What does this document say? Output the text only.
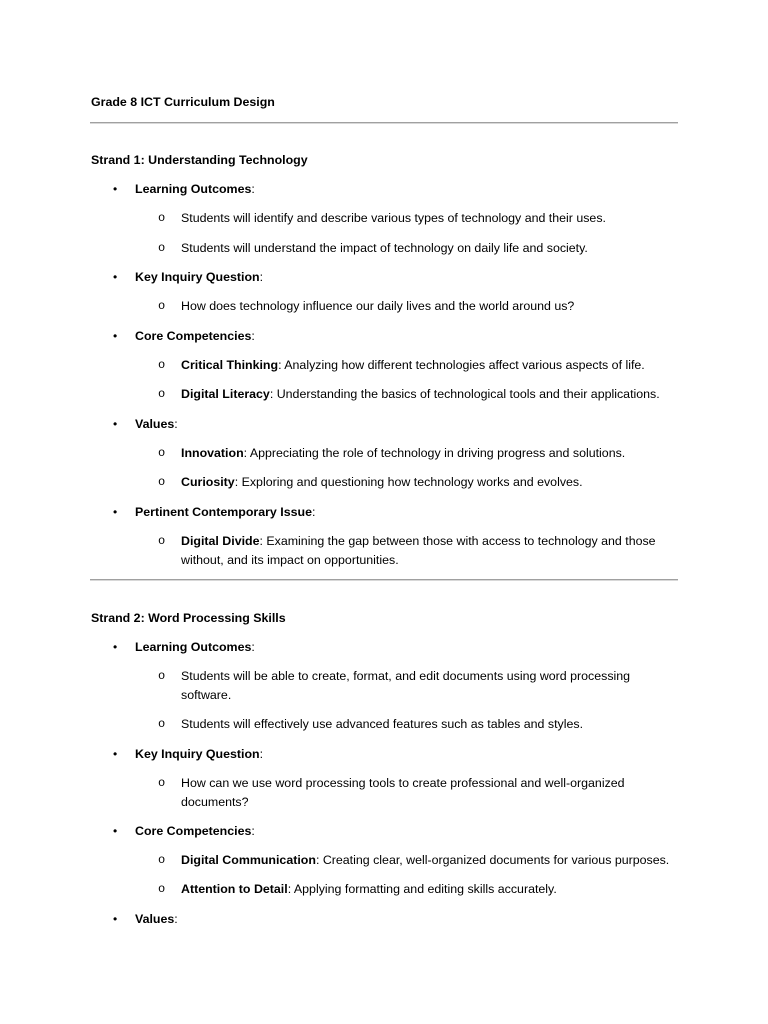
Grade 8 ICT Curriculum Design
Strand 1: Understanding Technology
• Learning Outcomes:
o Students will identify and describe various types of technology and their uses.
o Students will understand the impact of technology on daily life and society.
• Key Inquiry Question:
o How does technology influence our daily lives and the world around us?
• Core Competencies:
o Critical Thinking: Analyzing how different technologies affect various aspects of life.
o Digital Literacy: Understanding the basics of technological tools and their applications.
• Values:
o Innovation: Appreciating the role of technology in driving progress and solutions.
o Curiosity: Exploring and questioning how technology works and evolves.
• Pertinent Contemporary Issue:
o Digital Divide: Examining the gap between those with access to technology and those without, and its impact on opportunities.
Strand 2: Word Processing Skills
• Learning Outcomes:
o Students will be able to create, format, and edit documents using word processing software.
o Students will effectively use advanced features such as tables and styles.
• Key Inquiry Question:
o How can we use word processing tools to create professional and well-organized documents?
• Core Competencies:
o Digital Communication: Creating clear, well-organized documents for various purposes.
o Attention to Detail: Applying formatting and editing skills accurately.
• Values:
